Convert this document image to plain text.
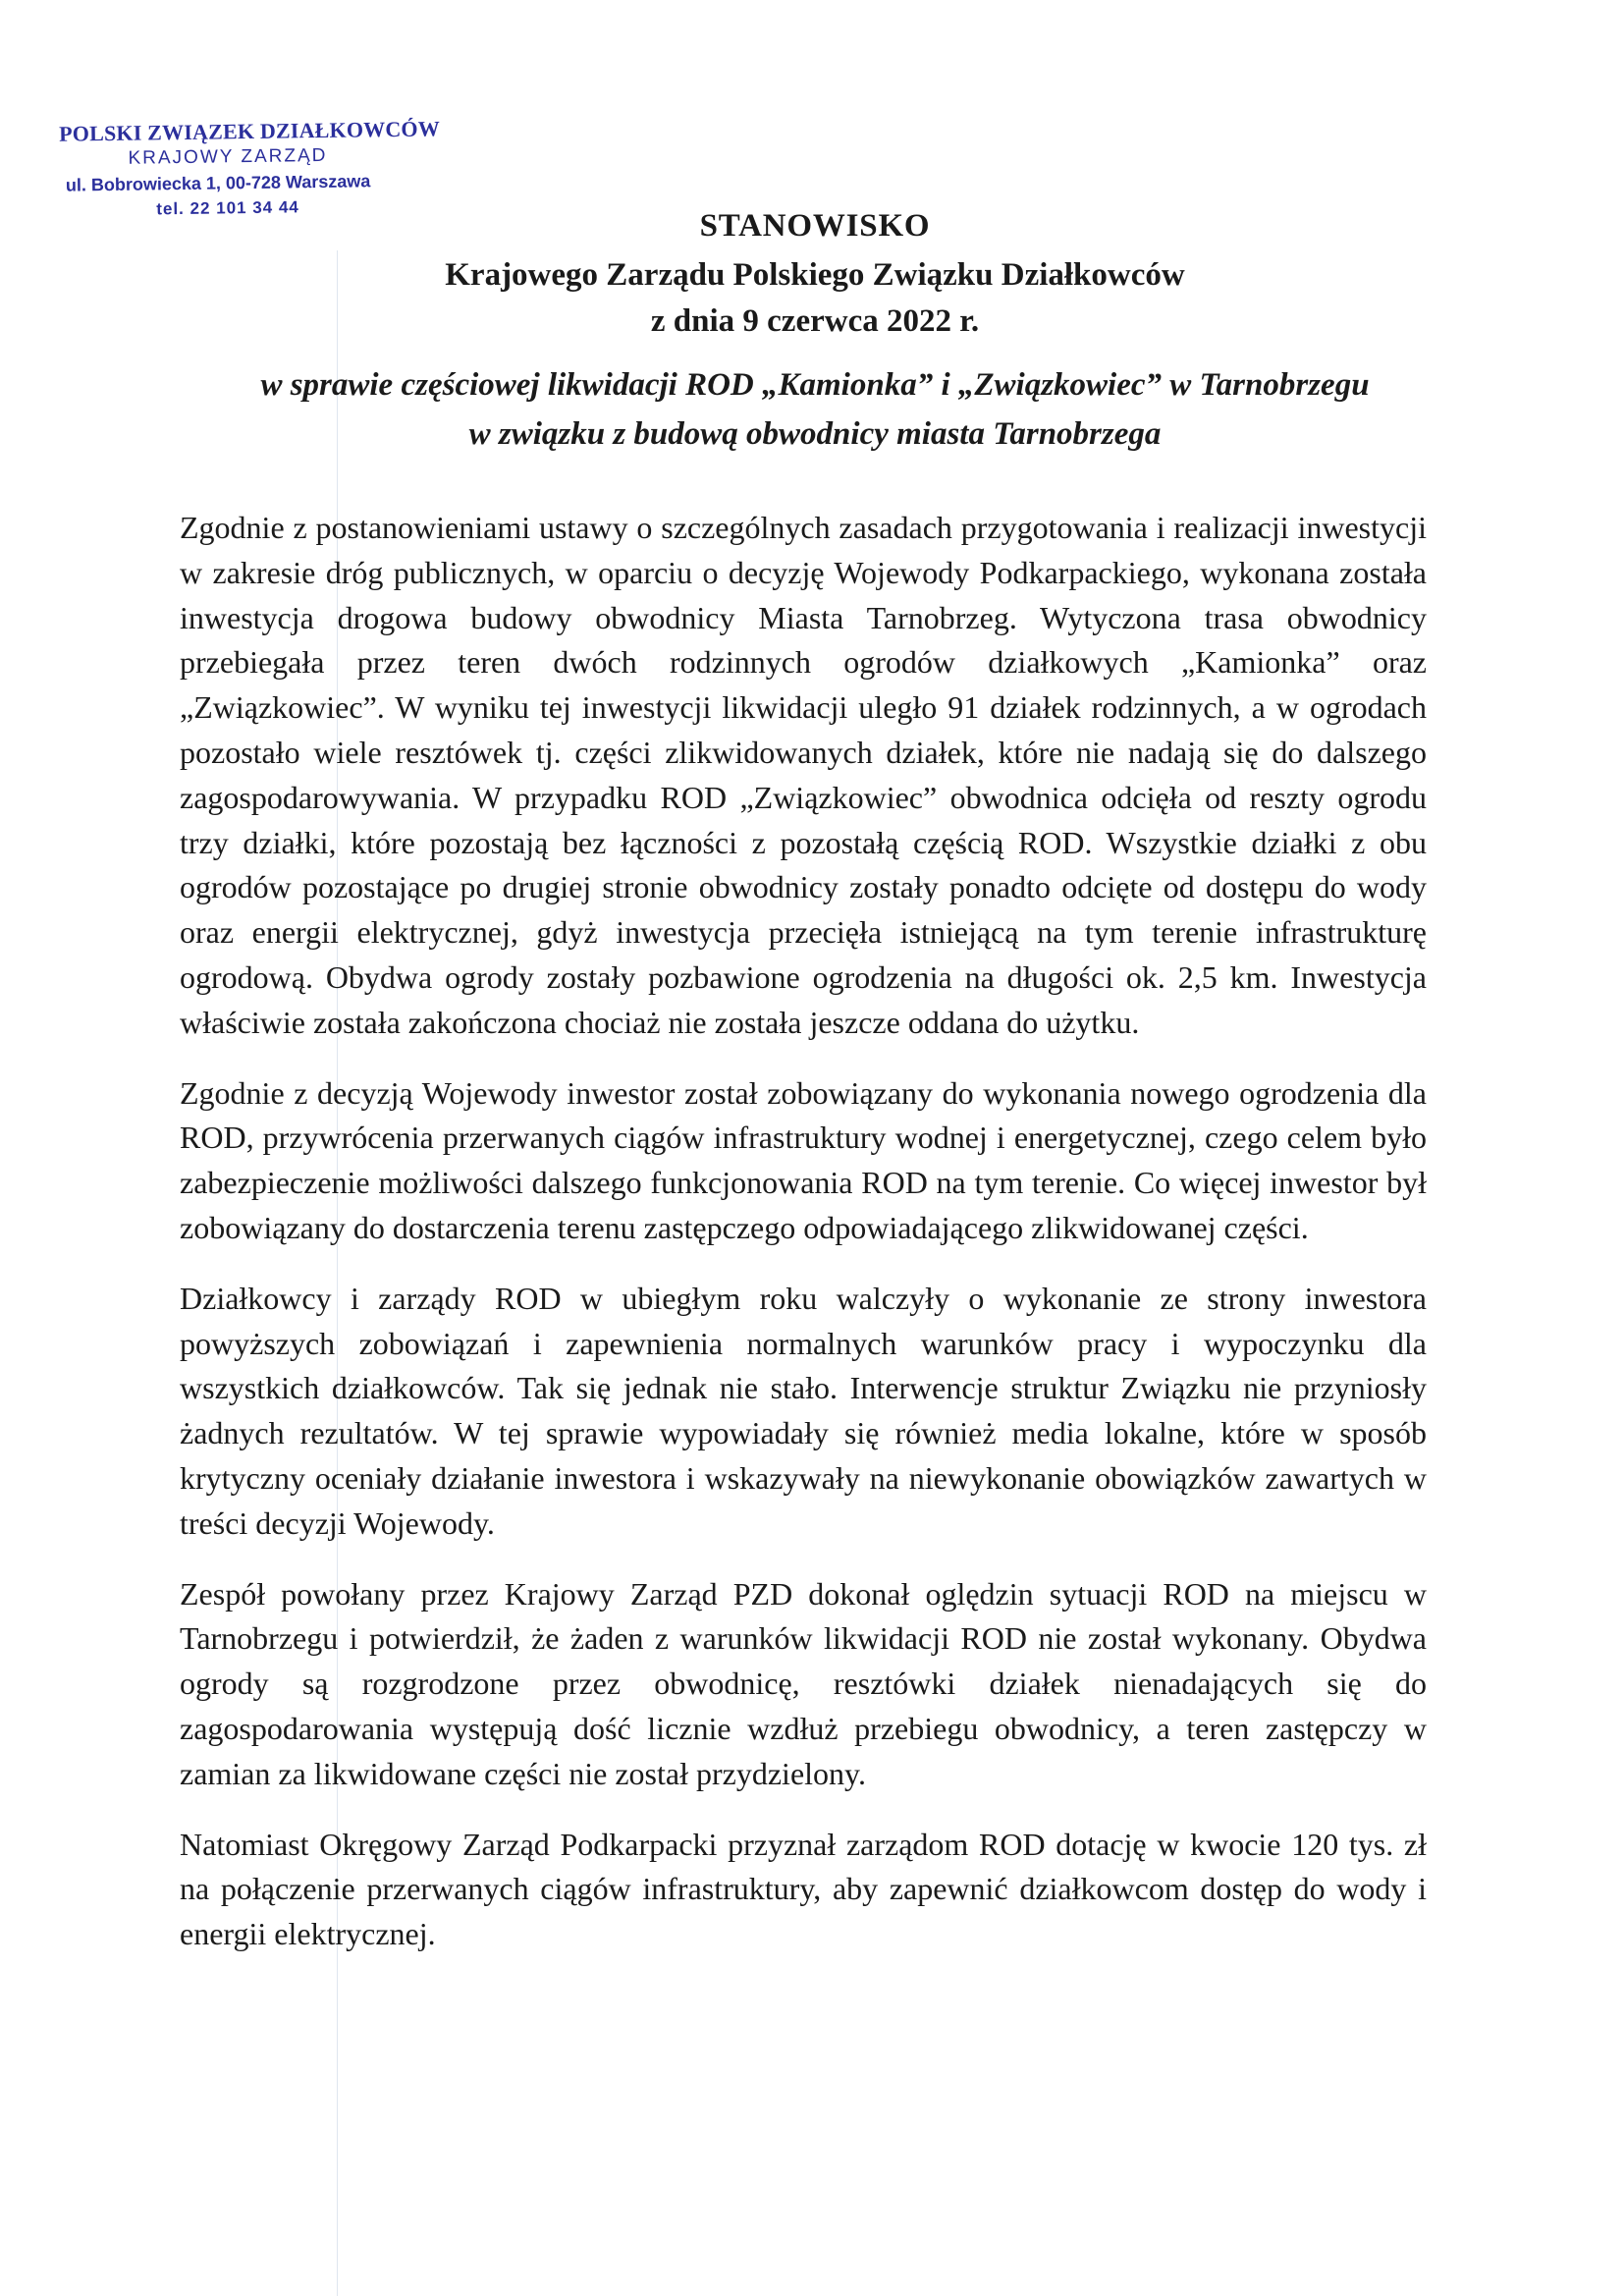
POLSKI ZWIĄZEK DZIAŁKOWCÓW
KRAJOWY ZARZĄD
ul. Bobrowiecka 1, 00-728 Warszawa
tel. 22 101 34 44
STANOWISKO
Krajowego Zarządu Polskiego Związku Działkowców
z dnia 9 czerwca 2022 r.
w sprawie częściowej likwidacji ROD „Kamionka” i „Związkowiec” w Tarnobrzegu
w związku z budową obwodnicy miasta Tarnobrzega

Zgodnie z postanowieniami ustawy o szczególnych zasadach przygotowania i realizacji inwestycji w zakresie dróg publicznych, w oparciu o decyzję Wojewody Podkarpackiego, wykonana została inwestycja drogowa budowy obwodnicy Miasta Tarnobrzeg. Wytyczona trasa obwodnicy przebiegała przez teren dwóch rodzinnych ogrodów działkowych „Kamionka” oraz „Związkowiec”. W wyniku tej inwestycji likwidacji uległo 91 działek rodzinnych, a w ogrodach pozostało wiele resztówek tj. części zlikwidowanych działek, które nie nadają się do dalszego zagospodarowywania. W przypadku ROD „Związkowiec” obwodnica odcięła od reszty ogrodu trzy działki, które pozostają bez łączności z pozostałą częścią ROD. Wszystkie działki z obu ogrodów pozostające po drugiej stronie obwodnicy zostały ponadto odcięte od dostępu do wody oraz energii elektrycznej, gdyż inwestycja przecięła istniejącą na tym terenie infrastrukturę ogrodową. Obydwa ogrody zostały pozbawione ogrodzenia na długości ok. 2,5 km. Inwestycja właściwie została zakończona chociaż nie została jeszcze oddana do użytku.

Zgodnie z decyzją Wojewody inwestor został zobowiązany do wykonania nowego ogrodzenia dla ROD, przywrócenia przerwanych ciągów infrastruktury wodnej i energetycznej, czego celem było zabezpieczenie możliwości dalszego funkcjonowania ROD na tym terenie. Co więcej inwestor był zobowiązany do dostarczenia terenu zastępczego odpowiadającego zlikwidowanej części.

Działkowcy i zarządy ROD w ubiegłym roku walczyły o wykonanie ze strony inwestora powyższych zobowiązań i zapewnienia normalnych warunków pracy i wypoczynku dla wszystkich działkowców. Tak się jednak nie stało. Interwencje struktur Związku nie przyniosły żadnych rezultatów. W tej sprawie wypowiadały się również media lokalne, które w sposób krytyczny oceniały działanie inwestora i wskazywały na niewykonanie obowiązków zawartych w treści decyzji Wojewody.

Zespół powołany przez Krajowy Zarząd PZD dokonał oględzin sytuacji ROD na miejscu w Tarnobrzegu i potwierdził, że żaden z warunków likwidacji ROD nie został wykonany. Obydwa ogrody są rozgrodzone przez obwodnicę, resztówki działek nienadających się do zagospodarowania występują dość licznie wzdłuż przebiegu obwodnicy, a teren zastępczy w zamian za likwidowane części nie został przydzielony.

Natomiast Okręgowy Zarząd Podkarpacki przyznał zarządom ROD dotację w kwocie 120 tys. zł na połączenie przerwanych ciągów infrastruktury, aby zapewnić działkowcom dostęp do wody i energii elektrycznej.
